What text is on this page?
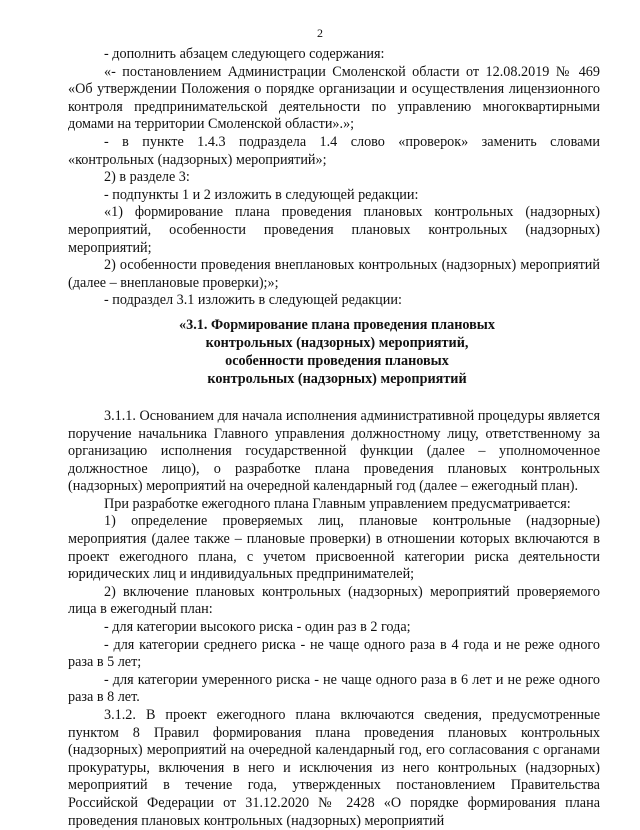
2

- дополнить абзацем следующего содержания:

«- постановлением Администрации Смоленской области от 12.08.2019 № 469 «Об утверждении Положения о порядке организации и осуществления лицензионного контроля предпринимательской деятельности по управлению многоквартирными домами на территории Смоленской области».»;

- в пункте 1.4.3 подраздела 1.4 слово «проверок» заменить словами «контрольных (надзорных) мероприятий»;

2) в разделе 3:

- подпункты 1 и 2 изложить в следующей редакции:

«1) формирование плана проведения плановых контрольных (надзорных) мероприятий, особенности проведения плановых контрольных (надзорных) мероприятий;

2) особенности проведения внеплановых контрольных (надзорных) мероприятий (далее – внеплановые проверки);»;

- подраздел 3.1 изложить в следующей редакции:

«3.1. Формирование плана проведения плановых
контрольных (надзорных) мероприятий,
особенности проведения плановых
контрольных (надзорных) мероприятий

3.1.1. Основанием для начала исполнения административной процедуры является поручение начальника Главного управления должностному лицу, ответственному за организацию исполнения государственной функции (далее – уполномоченное должностное лицо), о разработке плана проведения плановых контрольных (надзорных) мероприятий на очередной календарный год (далее – ежегодный план).

При разработке ежегодного плана Главным управлением предусматривается:

1) определение проверяемых лиц, плановые контрольные (надзорные) мероприятия (далее также – плановые проверки) в отношении которых включаются в проект ежегодного плана, с учетом присвоенной категории риска деятельности юридических лиц и индивидуальных предпринимателей;

2) включение плановых контрольных (надзорных) мероприятий проверяемого лица в ежегодный план:

- для категории высокого риска - один раз в 2 года;

- для категории среднего риска - не чаще одного раза в 4 года и не реже одного раза в 5 лет;

- для категории умеренного риска - не чаще одного раза в 6 лет и не реже одного раза в 8 лет.

3.1.2. В проект ежегодного плана включаются сведения, предусмотренные пунктом 8 Правил формирования плана проведения плановых контрольных (надзорных) мероприятий на очередной календарный год, его согласования с органами прокуратуры, включения в него и исключения из него контрольных (надзорных) мероприятий в течение года, утвержденных постановлением Правительства Российской Федерации от 31.12.2020 № 2428 «О порядке формирования плана проведения плановых контрольных (надзорных) мероприятий
